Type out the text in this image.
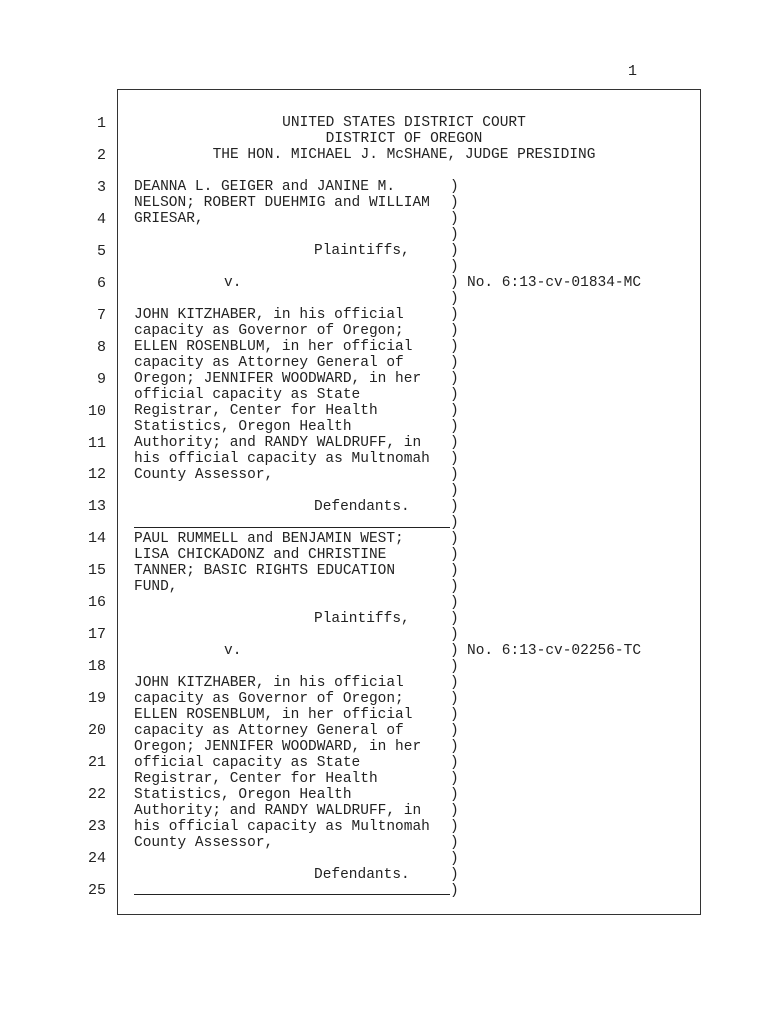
1
1
2
3
4
5
6
7
8
9
10
11
12
13
14
15
16
17
18
19
20
21
22
23
24
25
UNITED STATES DISTRICT COURT
DISTRICT OF OREGON
THE HON. MICHAEL J. McSHANE, JUDGE PRESIDING
DEANNA L. GEIGER and JANINE M.
NELSON; ROBERT DUEHMIG and WILLIAM
GRIESAR,
Plaintiffs,
v.	No. 6:13-cv-01834-MC
JOHN KITZHABER, in his official
capacity as Governor of Oregon;
ELLEN ROSENBLUM, in her official
capacity as Attorney General of
Oregon; JENNIFER WOODWARD, in her
official capacity as State
Registrar, Center for Health
Statistics, Oregon Health
Authority; and RANDY WALDRUFF, in
his official capacity as Multnomah
County Assessor,
Defendants.
PAUL RUMMELL and BENJAMIN WEST;
LISA CHICKADONZ and CHRISTINE
TANNER; BASIC RIGHTS EDUCATION
FUND,
Plaintiffs,
v.	No. 6:13-cv-02256-TC
JOHN KITZHABER, in his official
capacity as Governor of Oregon;
ELLEN ROSENBLUM, in her official
capacity as Attorney General of
Oregon; JENNIFER WOODWARD, in her
official capacity as State
Registrar, Center for Health
Statistics, Oregon Health
Authority; and RANDY WALDRUFF, in
his official capacity as Multnomah
County Assessor,
Defendants.
)
)
)
)
)
)
)
)
)
)
)
)
)
)
)
)
)
)
)
)
)
)
)
)
)
)
)
)
)
)
)
)
)
)
)
)
)
)
)
)
)
)
)
)
)
